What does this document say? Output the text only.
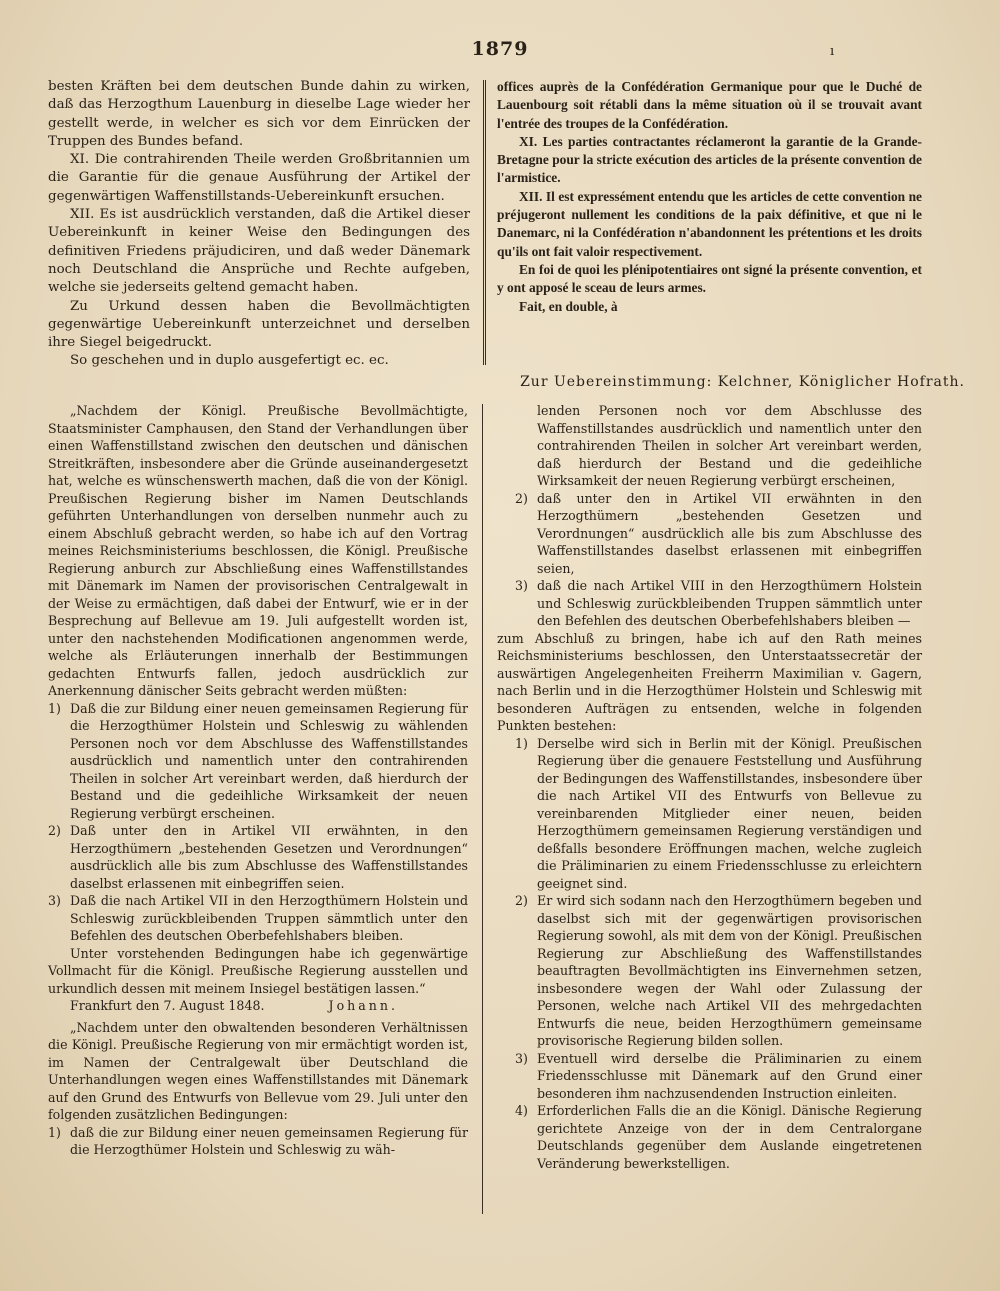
1879	ı

besten Kräften bei dem deutschen Bunde dahin zu wirken, daß das Herzogthum Lauenburg in dieselbe Lage wieder her gestellt werde, in welcher es sich vor dem Einrücken der Truppen des Bundes befand.

XI. Die contrahirenden Theile werden Großbritannien um die Garantie für die genaue Ausführung der Artikel der gegenwärtigen Waffenstillstands-Uebereinkunft ersuchen.

XII. Es ist ausdrücklich verstanden, daß die Artikel dieser Uebereinkunft in keiner Weise den Bedingungen des definitiven Friedens präjudiciren, und daß weder Dänemark noch Deutschland die Ansprüche und Rechte aufgeben, welche sie jederseits geltend gemacht haben.

Zu Urkund dessen haben die Bevollmächtigten gegenwärtige Uebereinkunft unterzeichnet und derselben ihre Siegel beigedruckt.

So geschehen und in duplo ausgefertigt ec. ec.

offices auprès de la Confédération Germanique pour que le Duché de Lauenbourg soit rétabli dans la même situation où il se trouvait avant l'entrée des troupes de la Confédération.

XI. Les parties contractantes réclameront la garantie de la Grande-Bretagne pour la stricte exécution des articles de la présente convention de l'armistice.

XII. Il est expressément entendu que les articles de cette convention ne préjugeront nullement les conditions de la paix définitive, et que ni le Danemarc, ni la Confédération n'abandonnent les prétentions et les droits qu'ils ont fait valoir respectivement.

En foi de quoi les plénipotentiaires ont signé la présente convention, et y ont apposé le sceau de leurs armes.

Fait, en double, à

Zur Uebereinstimmung: Kelchner, Königlicher Hofrath.

„Nachdem der Königl. Preußische Bevollmächtigte, Staatsminister Camphausen, den Stand der Verhandlungen über einen Waffenstillstand zwischen den deutschen und dänischen Streitkräften, insbesondere aber die Gründe auseinandergesetzt hat, welche es wünschenswerth machen, daß die von der Königl. Preußischen Regierung bisher im Namen Deutschlands geführten Unterhandlungen von derselben nunmehr auch zu einem Abschluß gebracht werden, so habe ich auf den Vortrag meines Reichsministeriums beschlossen, die Königl. Preußische Regierung anburch zur Abschließung eines Waffenstillstandes mit Dänemark im Namen der provisorischen Centralgewalt in der Weise zu ermächtigen, daß dabei der Entwurf, wie er in der Besprechung auf Bellevue am 19. Juli aufgestellt worden ist, unter den nachstehenden Modificationen angenommen werde, welche als Erläuterungen innerhalb der Bestimmungen gedachten Entwurfs fallen, jedoch ausdrücklich zur Anerkennung dänischer Seits gebracht werden müßten:

1) Daß die zur Bildung einer neuen gemeinsamen Regierung für die Herzogthümer Holstein und Schleswig zu wählenden Personen noch vor dem Abschlusse des Waffenstillstandes ausdrücklich und namentlich unter den contrahirenden Theilen in solcher Art vereinbart werden, daß hierdurch der Bestand und die gedeihliche Wirksamkeit der neuen Regierung verbürgt erscheinen.
2) Daß unter den in Artikel VII erwähnten, in den Herzogthümern „bestehenden Gesetzen und Verordnungen“ ausdrücklich alle bis zum Abschlusse des Waffenstillstandes daselbst erlassenen mit einbegriffen seien.
3) Daß die nach Artikel VII in den Herzogthümern Holstein und Schleswig zurückbleibenden Truppen sämmtlich unter den Befehlen des deutschen Oberbefehlshabers bleiben.

Unter vorstehenden Bedingungen habe ich gegenwärtige Vollmacht für die Königl. Preußische Regierung ausstellen und urkundlich dessen mit meinem Insiegel bestätigen lassen.“

Frankfurt den 7. August 1848.	Johann.

„Nachdem unter den obwaltenden besonderen Verhältnissen die Königl. Preußische Regierung von mir ermächtigt worden ist, im Namen der Centralgewalt über Deutschland die Unterhandlungen wegen eines Waffenstillstandes mit Dänemark auf den Grund des Entwurfs von Bellevue vom 29. Juli unter den folgenden zusätzlichen Bedingungen:

1) daß die zur Bildung einer neuen gemeinsamen Regierung für die Herzogthümer Holstein und Schleswig zu wäh-

lenden Personen noch vor dem Abschlusse des Waffenstillstandes ausdrücklich und namentlich unter den contrahirenden Theilen in solcher Art vereinbart werden, daß hierdurch der Bestand und die gedeihliche Wirksamkeit der neuen Regierung verbürgt erscheinen,

2) daß unter den in Artikel VII erwähnten in den Herzogthümern „bestehenden Gesetzen und Verordnungen“ ausdrücklich alle bis zum Abschlusse des Waffenstillstandes daselbst erlassenen mit einbegriffen seien,
3) daß die nach Artikel VIII in den Herzogthümern Holstein und Schleswig zurückbleibenden Truppen sämmtlich unter den Befehlen des deutschen Oberbefehlshabers bleiben —

zum Abschluß zu bringen, habe ich auf den Rath meines Reichsministeriums beschlossen, den Unterstaatssecretär der auswärtigen Angelegenheiten Freiherrn Maximilian v. Gagern, nach Berlin und in die Herzogthümer Holstein und Schleswig mit besonderen Aufträgen zu entsenden, welche in folgenden Punkten bestehen:

1) Derselbe wird sich in Berlin mit der Königl. Preußischen Regierung über die genauere Feststellung und Ausführung der Bedingungen des Waffenstillstandes, insbesondere über die nach Artikel VII des Entwurfs von Bellevue zu vereinbarenden Mitglieder einer neuen, beiden Herzogthümern gemeinsamen Regierung verständigen und deßfalls besondere Eröffnungen machen, welche zugleich die Präliminarien zu einem Friedensschlusse zu erleichtern geeignet sind.
2) Er wird sich sodann nach den Herzogthümern begeben und daselbst sich mit der gegenwärtigen provisorischen Regierung sowohl, als mit dem von der Königl. Preußischen Regierung zur Abschließung des Waffenstillstandes beauftragten Bevollmächtigten ins Einvernehmen setzen, insbesondere wegen der Wahl oder Zulassung der Personen, welche nach Artikel VII des mehrgedachten Entwurfs die neue, beiden Herzogthümern gemeinsame provisorische Regierung bilden sollen.
3) Eventuell wird derselbe die Präliminarien zu einem Friedensschlusse mit Dänemark auf den Grund einer besonderen ihm nachzusendenden Instruction einleiten.
4) Erforderlichen Falls die an die Königl. Dänische Regierung gerichtete Anzeige von der in dem Centralorgane Deutschlands gegenüber dem Auslande eingetretenen Veränderung bewerkstelligen.
